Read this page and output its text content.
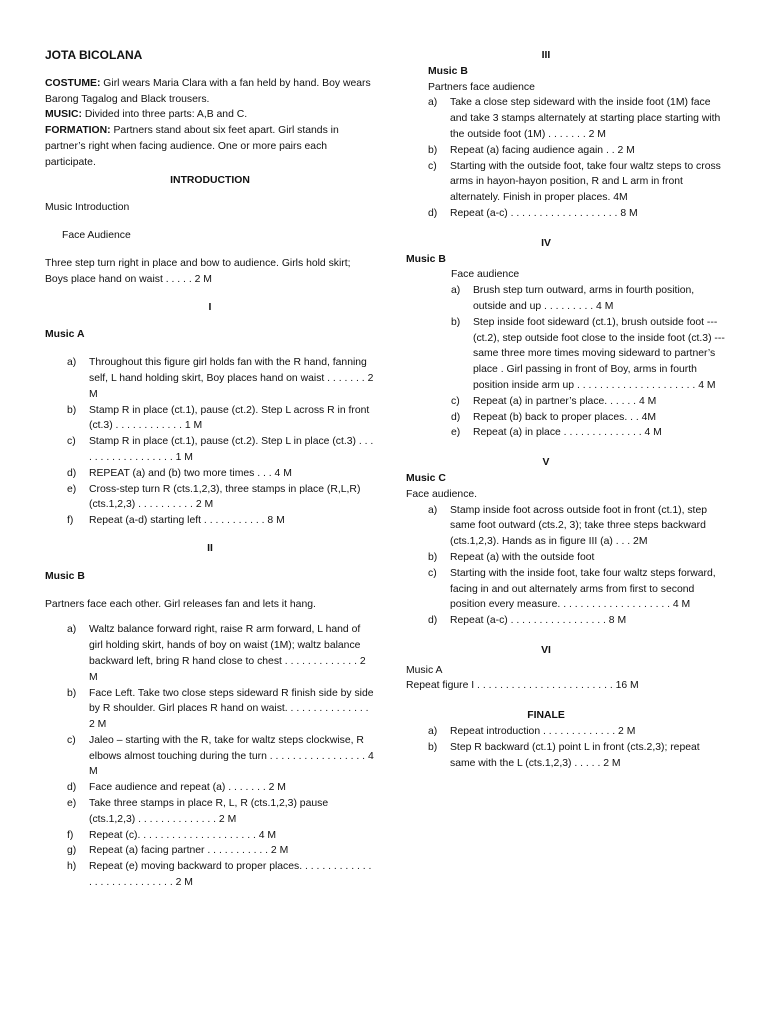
JOTA BICOLANA
COSTUME: Girl wears Maria Clara with a fan held by hand. Boy wears Barong Tagalog and Black trousers.
MUSIC: Divided into three parts: A,B and C.
FORMATION: Partners stand about six feet apart. Girl stands in partner’s right when facing audience. One or more pairs each participate.
INTRODUCTION
Music Introduction
Face Audience
Three step turn right in place and bow to audience. Girls hold skirt; Boys place hand on waist . . . . . 2 M
I
Music A
a)	Throughout this figure girl holds fan with the R hand, fanning self, L hand holding skirt, Boy places hand on waist . . . . . . . 2 M
b)	Stamp R in place (ct.1), pause (ct.2). Step L across R in front (ct.3) . . . . . . . . . . . . 1 M
c)	Stamp R in place (ct.1), pause (ct.2). Step L in place (ct.3) . . . . . . . . . . . . . . . . . . 1 M
d)	REPEAT (a) and (b) two more times . . . 4 M
e)	Cross-step turn R (cts.1,2,3), three stamps in place (R,L,R) (cts.1,2,3) . . . . . . . . . . 2 M
f)	Repeat (a-d) starting left . . . . . . . . . . . 8 M
II
Music B
Partners face each other. Girl releases fan and lets it hang.
a)	Waltz balance forward right, raise R arm forward, L hand of girl holding skirt, hands of boy on waist (1M); waltz balance backward left, bring R hand close to chest . . . . . . . . . . . . . 2 M
b)	Face Left. Take two close steps sideward R finish side by side by R shoulder. Girl places R hand on waist. . . . . . . . . . . . . . . 2 M
c)	Jaleo – starting with the R, take for waltz steps clockwise, R elbows almost touching during the turn . . . . . . . . . . . . . . . . . 4 M
d)	Face audience and repeat (a) . . . . . . . 2 M
e)	Take three stamps in place R, L, R (cts.1,2,3) pause (cts.1,2,3) . . . . . . . . . . . . . . 2 M
f)	Repeat (c). . . . . . . . . . . . . . . . . . . . . 4 M
g)	Repeat (a) facing partner . . . . . . . . . . . 2 M
h)	Repeat (e) moving backward to proper places. . . . . . . . . . . . . . . . . . . . . . . . . . . . 2 M
III
Music B
Partners face audience
a)	Take a close step sideward with the inside foot (1M) face and take 3 stamps alternately at starting place starting with the outside foot (1M) . . . . . . . 2 M
b)	Repeat (a) facing audience again . . 2 M
c)	Starting with the outside foot, take four waltz steps to cross arms in hayon-hayon position, R and L arm in front alternately. Finish in proper places. 4M
d)	Repeat (a-c) . . . . . . . . . . . . . . . . . . . 8 M
IV
Music B
Face audience
a)	Brush step turn outward, arms in fourth position, outside and up . . . . . . . . . 4 M
b)	Step inside foot sideward (ct.1), brush outside foot --- (ct.2), step outside foot close to the inside foot (ct.3) --- same three more times moving sideward to partner’s place . Girl passing in front of Boy, arms in fourth position inside arm up . . . . . . . . . . . . . . . . . . . . . 4 M
c)	Repeat (a) in partner’s place. . . . . . 4 M
d)	Repeat (b) back to proper places. . . 4M
e)	Repeat (a) in place . . . . . . . . . . . . . . 4 M
V
Music C
Face audience.
a)	Stamp inside foot across outside foot in front (ct.1), step same foot outward (cts.2, 3); take three steps backward (cts.1,2,3). Hands as in figure III (a) . . . 2M
b)	Repeat (a) with the outside foot
c)	Starting with the inside foot, take four waltz steps forward, facing in and out alternately arms from first to second position every measure. . . . . . . . . . . . . . . . . . . . 4 M
d)	Repeat (a-c) . . . . . . . . . . . . . . . . . 8 M
VI
Music A
Repeat figure I . . . . . . . . . . . . . . . . . . . . . . . . 16 M
FINALE
a)	Repeat introduction . . . . . . . . . . . . . 2 M
b)	Step R backward (ct.1) point L in front (cts.2,3); repeat same with the L (cts.1,2,3) . . . . . 2 M
